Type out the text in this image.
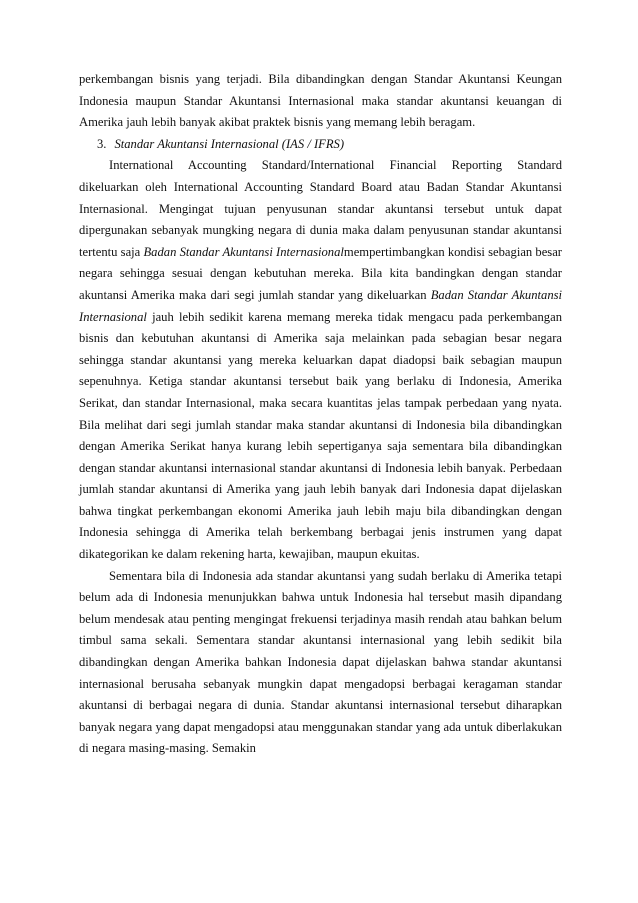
perkembangan bisnis yang terjadi. Bila dibandingkan dengan Standar Akuntansi Keungan Indonesia maupun Standar Akuntansi Internasional maka standar akuntansi keuangan di Amerika jauh lebih banyak akibat praktek bisnis yang memang lebih beragam.

3. Standar Akuntansi Internasional (IAS / IFRS)

International Accounting Standard/International Financial Reporting Standard dikeluarkan oleh International Accounting Standard Board atau Badan Standar Akuntansi Internasional. Mengingat tujuan penyusunan standar akuntansi tersebut untuk dapat dipergunakan sebanyak mungking negara di dunia maka dalam penyusunan standar akuntansi tertentu saja Badan Standar Akuntansi Internasionalmempertimbangkan kondisi sebagian besar negara sehingga sesuai dengan kebutuhan mereka. Bila kita bandingkan dengan standar akuntansi Amerika maka dari segi jumlah standar yang dikeluarkan Badan Standar Akuntansi Internasional jauh lebih sedikit karena memang mereka tidak mengacu pada perkembangan bisnis dan kebutuhan akuntansi di Amerika saja melainkan pada sebagian besar negara sehingga standar akuntansi yang mereka keluarkan dapat diadopsi baik sebagian maupun sepenuhnya. Ketiga standar akuntansi tersebut baik yang berlaku di Indonesia, Amerika Serikat, dan standar Internasional, maka secara kuantitas jelas tampak perbedaan yang nyata. Bila melihat dari segi jumlah standar maka standar akuntansi di Indonesia bila dibandingkan dengan Amerika Serikat hanya kurang lebih sepertiganya saja sementara bila dibandingkan dengan standar akuntansi internasional standar akuntansi di Indonesia lebih banyak. Perbedaan jumlah standar akuntansi di Amerika yang jauh lebih banyak dari Indonesia dapat dijelaskan bahwa tingkat perkembangan ekonomi Amerika jauh lebih maju bila dibandingkan dengan Indonesia sehingga di Amerika telah berkembang berbagai jenis instrumen yang dapat dikategorikan ke dalam rekening harta, kewajiban, maupun ekuitas.

Sementara bila di Indonesia ada standar akuntansi yang sudah berlaku di Amerika tetapi belum ada di Indonesia menunjukkan bahwa untuk Indonesia hal tersebut masih dipandang belum mendesak atau penting mengingat frekuensi terjadinya masih rendah atau bahkan belum timbul sama sekali. Sementara standar akuntansi internasional yang lebih sedikit bila dibandingkan dengan Amerika bahkan Indonesia dapat dijelaskan bahwa standar akuntansi internasional berusaha sebanyak mungkin dapat mengadopsi berbagai keragaman standar akuntansi di berbagai negara di dunia. Standar akuntansi internasional tersebut diharapkan banyak negara yang dapat mengadopsi atau menggunakan standar yang ada untuk diberlakukan di negara masing-masing. Semakin
